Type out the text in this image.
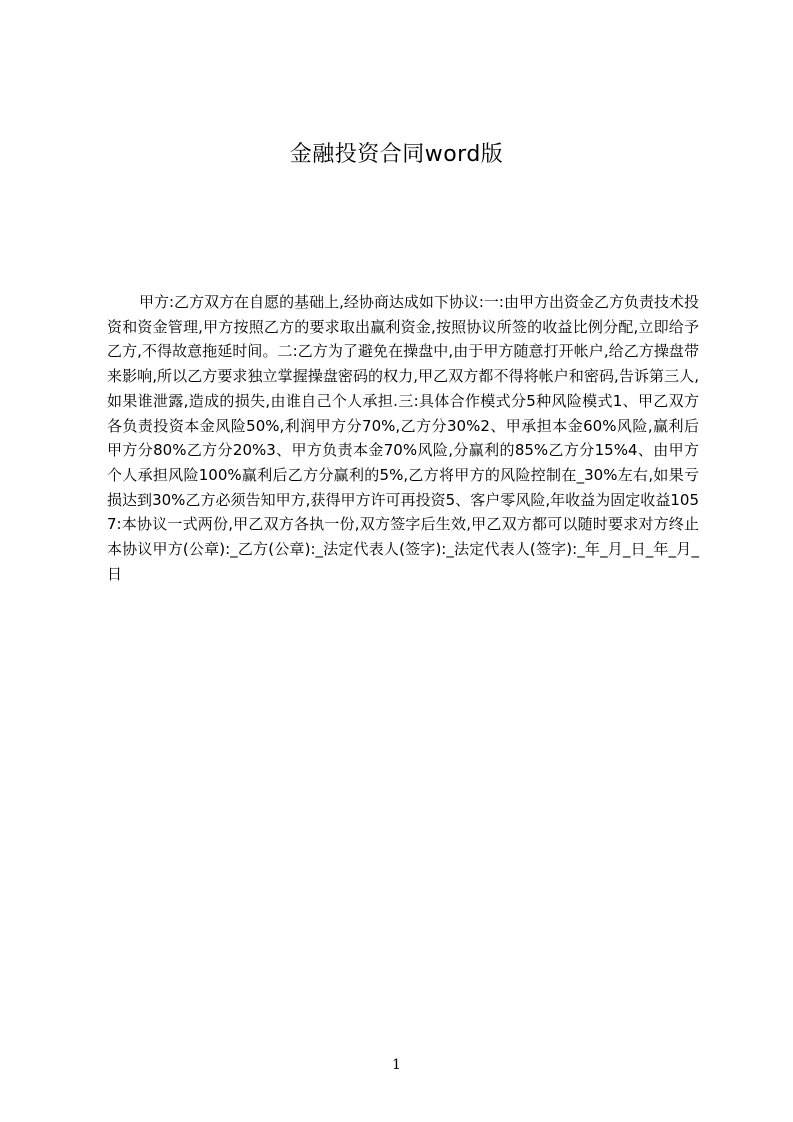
金融投资合同word版

甲方:乙方双方在自愿的基础上,经协商达成如下协议:一:由甲方出资金乙方负责技术投资和资金管理,甲方按照乙方的要求取出赢利资金,按照协议所签的收益比例分配,立即给予乙方,不得故意拖延时间。二:乙方为了避免在操盘中,由于甲方随意打开帐户,给乙方操盘带来影响,所以乙方要求独立掌握操盘密码的权力,甲乙双方都不得将帐户和密码,告诉第三人,如果谁泄露,造成的损失,由谁自己个人承担.三:具体合作模式分5种风险模式1、甲乙双方各负责投资本金风险50%,利润甲方分70%,乙方分30%2、甲承担本金60%风险,赢利后甲方分80%乙方分20%3、甲方负责本金70%风险,分赢利的85%乙方分15%4、由甲方个人承担风险100%赢利后乙方分赢利的5%,乙方将甲方的风险控制在_30%左右,如果亏损达到30%乙方必须告知甲方,获得甲方许可再投资5、客户零风险,年收益为固定收益1057:本协议一式两份,甲乙双方各执一份,双方签字后生效,甲乙双方都可以随时要求对方终止本协议甲方(公章):_乙方(公章):_法定代表人(签字):_法定代表人(签字):_年_月_日_年_月_日

1
